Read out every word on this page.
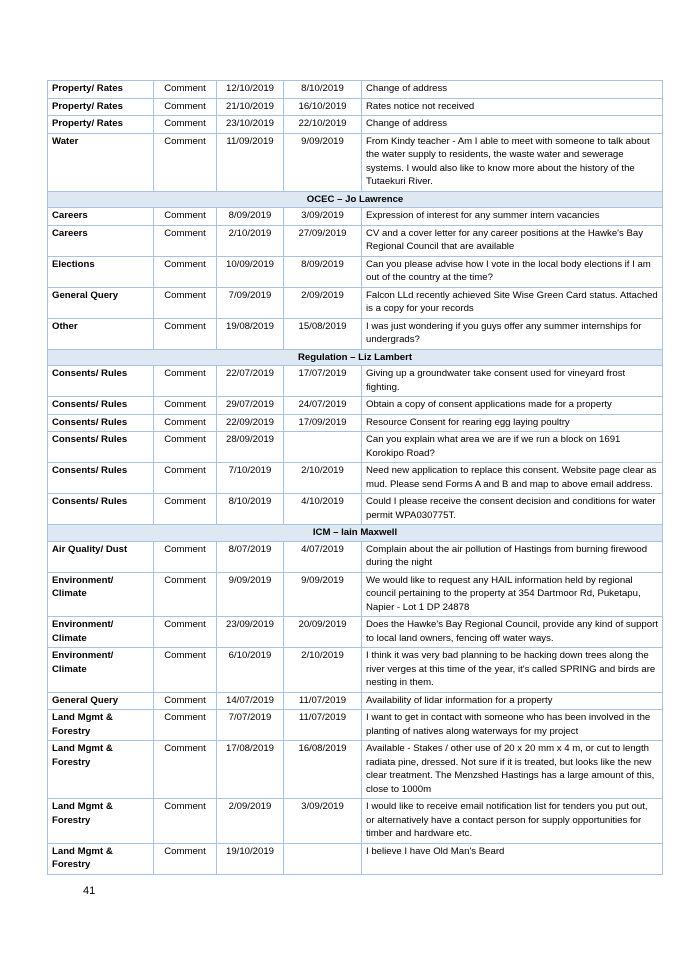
Property/ Rates	Comment	12/10/2019	8/10/2019	Change of address
Property/ Rates	Comment	21/10/2019	16/10/2019	Rates notice not received
Property/ Rates	Comment	23/10/2019	22/10/2019	Change of address
Water	Comment	11/09/2019	9/09/2019	From Kindy teacher - Am I able to meet with someone to talk about the water supply to residents, the waste water and sewerage systems. I would also like to know more about the history of the Tutaekuri River.
OCEC – Jo Lawrence				
Careers	Comment	8/09/2019	3/09/2019	Expression of interest for any summer intern vacancies
Careers	Comment	2/10/2019	27/09/2019	CV and a cover letter for any career positions at the Hawke's Bay Regional Council that are available
Elections	Comment	10/09/2019	8/09/2019	Can you please advise how I vote in the local body elections if I am out of the country at the time?
General Query	Comment	7/09/2019	2/09/2019	Falcon LLd recently achieved Site Wise Green Card status. Attached is a copy for your records
Other	Comment	19/08/2019	15/08/2019	I was just wondering if you guys offer any summer internships for undergrads?
Regulation – Liz Lambert				
Consents/ Rules	Comment	22/07/2019	17/07/2019	Giving up a groundwater take consent used for vineyard frost fighting.
Consents/ Rules	Comment	29/07/2019	24/07/2019	Obtain a copy of consent applications made for a property
Consents/ Rules	Comment	22/09/2019	17/09/2019	Resource Consent for rearing egg laying poultry
Consents/ Rules	Comment	28/09/2019		Can you explain what area we are if we run a block on 1691 Korokipo Road?
Consents/ Rules	Comment	7/10/2019	2/10/2019	Need new application to replace this consent. Website page clear as mud. Please send Forms A and B and map to above email address.
Consents/ Rules	Comment	8/10/2019	4/10/2019	Could I please receive the consent decision and conditions for water permit WPA030775T.
ICM – Iain Maxwell				
Air Quality/ Dust	Comment	8/07/2019	4/07/2019	Complain about the air pollution of Hastings from burning firewood during the night
Environment/ Climate	Comment	9/09/2019	9/09/2019	We would like to request any HAIL information held by regional council pertaining to the property at 354 Dartmoor Rd, Puketapu, Napier - Lot 1 DP 24878
Environment/ Climate	Comment	23/09/2019	20/09/2019	Does the Hawke's Bay Regional Council, provide any kind of support to local land owners, fencing off water ways.
Environment/ Climate	Comment	6/10/2019	2/10/2019	I think it was very bad planning to be hacking down trees along the river verges at this time of the year, it's called SPRING and birds are nesting in them.
General Query	Comment	14/07/2019	11/07/2019	Availability of lidar information for a property
Land Mgmt & Forestry	Comment	7/07/2019	11/07/2019	I want to get in contact with someone who has been involved in the planting of natives along waterways for my project
Land Mgmt & Forestry	Comment	17/08/2019	16/08/2019	Available - Stakes / other use of 20 x 20 mm x 4 m, or cut to length radiata pine, dressed. Not sure if it is treated, but looks like the new clear treatment. The Menzshed Hastings has a large amount of this, close to 1000m
Land Mgmt & Forestry	Comment	2/09/2019	3/09/2019	I would like to receive email notification list for tenders you put out, or alternatively have a contact person for supply opportunities for timber and hardware etc.
Land Mgmt & Forestry	Comment	19/10/2019		I believe I have Old Man's Beard
41
